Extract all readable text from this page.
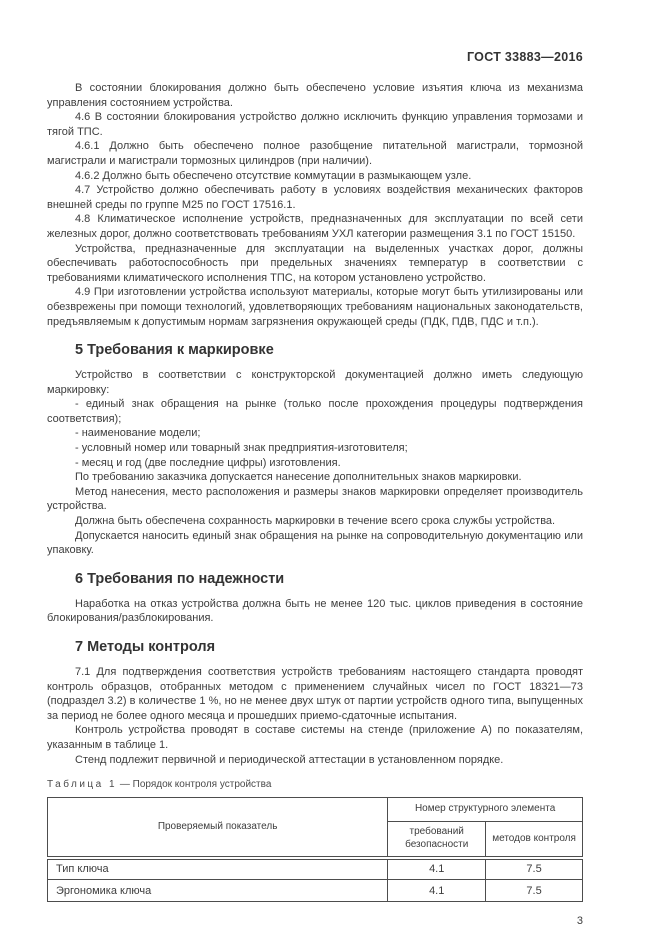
ГОСТ 33883—2016

В состоянии блокирования должно быть обеспечено условие изъятия ключа из механизма управления состоянием устройства.

4.6 В состоянии блокирования устройство должно исключить функцию управления тормозами и тягой ТПС.

4.6.1 Должно быть обеспечено полное разобщение питательной магистрали, тормозной магистрали и магистрали тормозных цилиндров (при наличии).

4.6.2 Должно быть обеспечено отсутствие коммутации в размыкающем узле.

4.7 Устройство должно обеспечивать работу в условиях воздействия механических факторов внешней среды по группе М25 по ГОСТ 17516.1.

4.8 Климатическое исполнение устройств, предназначенных для эксплуатации по всей сети железных дорог, должно соответствовать требованиям УХЛ категории размещения 3.1 по ГОСТ 15150.

Устройства, предназначенные для эксплуатации на выделенных участках дорог, должны обеспечивать работоспособность при предельных значениях температур в соответствии с требованиями климатического исполнения ТПС, на котором установлено устройство.

4.9 При изготовлении устройства используют материалы, которые могут быть утилизированы или обезврежены при помощи технологий, удовлетворяющих требованиям национальных законодательств, предъявляемым к допустимым нормам загрязнения окружающей среды (ПДК, ПДВ, ПДС и т.п.).

5 Требования к маркировке

Устройство в соответствии с конструкторской документацией должно иметь следующую маркировку:

- единый знак обращения на рынке (только после прохождения процедуры подтверждения соответствия);

- наименование модели;

- условный номер или товарный знак предприятия-изготовителя;

- месяц и год (две последние цифры) изготовления.

По требованию заказчика допускается нанесение дополнительных знаков маркировки.

Метод нанесения, место расположения и размеры знаков маркировки определяет производитель устройства.

Должна быть обеспечена сохранность маркировки в течение всего срока службы устройства.

Допускается наносить единый знак обращения на рынке на сопроводительную документацию или упаковку.

6 Требования по надежности

Наработка на отказ устройства должна быть не менее 120 тыс. циклов приведения в состояние блокирования/разблокирования.

7 Методы контроля

7.1 Для подтверждения соответствия устройств требованиям настоящего стандарта проводят контроль образцов, отобранных методом с применением случайных чисел по ГОСТ 18321—73 (подраздел 3.2) в количестве 1 %, но не менее двух штук от партии устройств одного типа, выпущенных за период не более одного месяца и прошедших приемо-сдаточные испытания.

Контроль устройства проводят в составе системы на стенде (приложение А) по показателям, указанным в таблице 1.

Стенд подлежит первичной и периодической аттестации в установленном порядке.

Таблица 1 — Порядок контроля устройства
Проверяемый показатель	Номер структурного элемента	
	требований безопасности	методов контроля
Тип ключа	4.1	7.5
Эргономика ключа	4.1	7.5
3
